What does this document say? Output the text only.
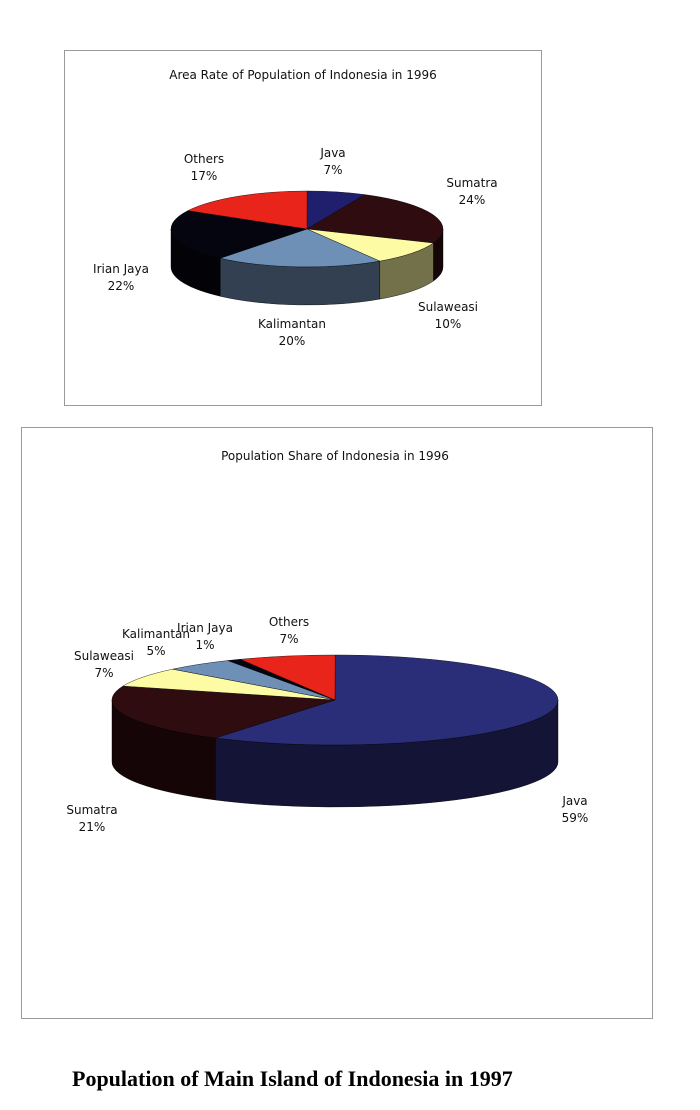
Area Rate of Population of Indonesia in 1996
Java
7%
Sumatra
24%
Sulaweasi
10%
Kalimantan
20%
Irian Jaya
22%
Others
17%
Population Share of Indonesia in 1996
Java
59%
Sumatra
21%
Sulaweasi
7%
Kalimantan
5%
Irian Jaya
1%
Others
7%
Population of Main Island of Indonesia in 1997
